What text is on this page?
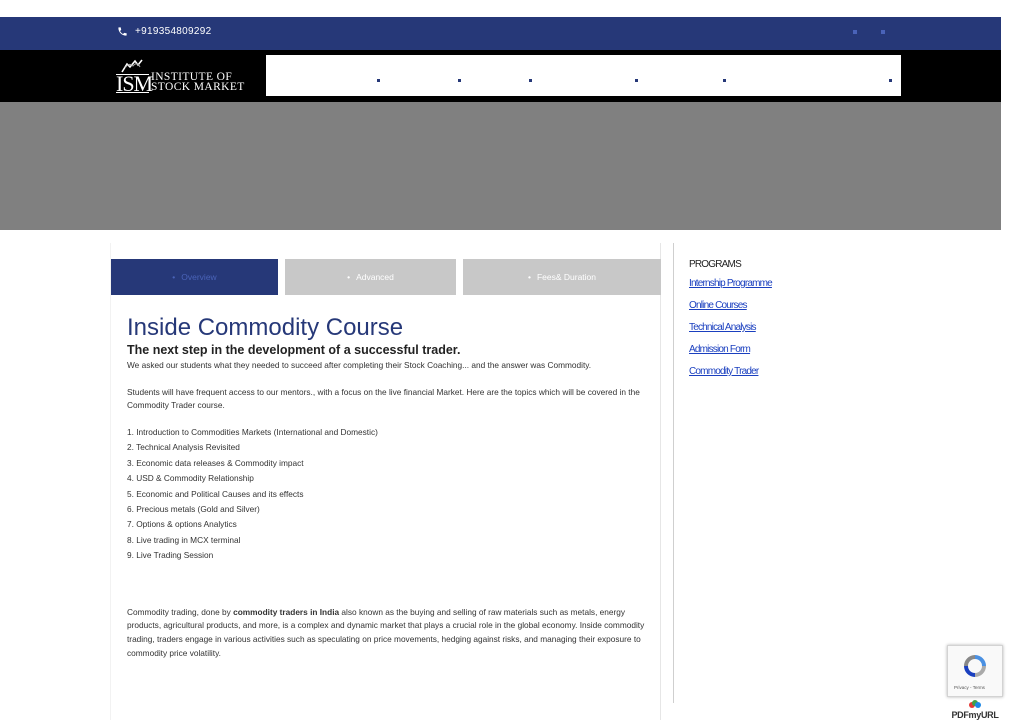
+919354809292
ISM
INSTITUTE OF
STOCK MARKET
• Overview	• Advanced	• Fees& Duration
Inside Commodity Course
The next step in the development of a successful trader.

We asked our students what they needed to succeed after completing their Stock Coaching... and the answer was Commodity.

Students will have frequent access to our mentors., with a focus on the live financial Market. Here are the topics which will be covered in the Commodity Trader course.

1. Introduction to Commodities Markets (International and Domestic)
2. Technical Analysis Revisited
3. Economic data releases & Commodity impact
4. USD & Commodity Relationship
5. Economic and Political Causes and its effects
6. Precious metals (Gold and Silver)
7. Options & options Analytics
8. Live trading in MCX terminal
9. Live Trading Session

Commodity trading, done by commodity traders in India also known as the buying and selling of raw materials such as metals, energy products, agricultural products, and more, is a complex and dynamic market that plays a crucial role in the global economy. Inside commodity trading, traders engage in various activities such as speculating on price movements, hedging against risks, and managing their exposure to commodity price volatility.

PROGRAMS
Internship Programme
Online Courses
Technical Analysis
Admission Form
Commodity Trader
Privacy - Terms
PDFmyURL
